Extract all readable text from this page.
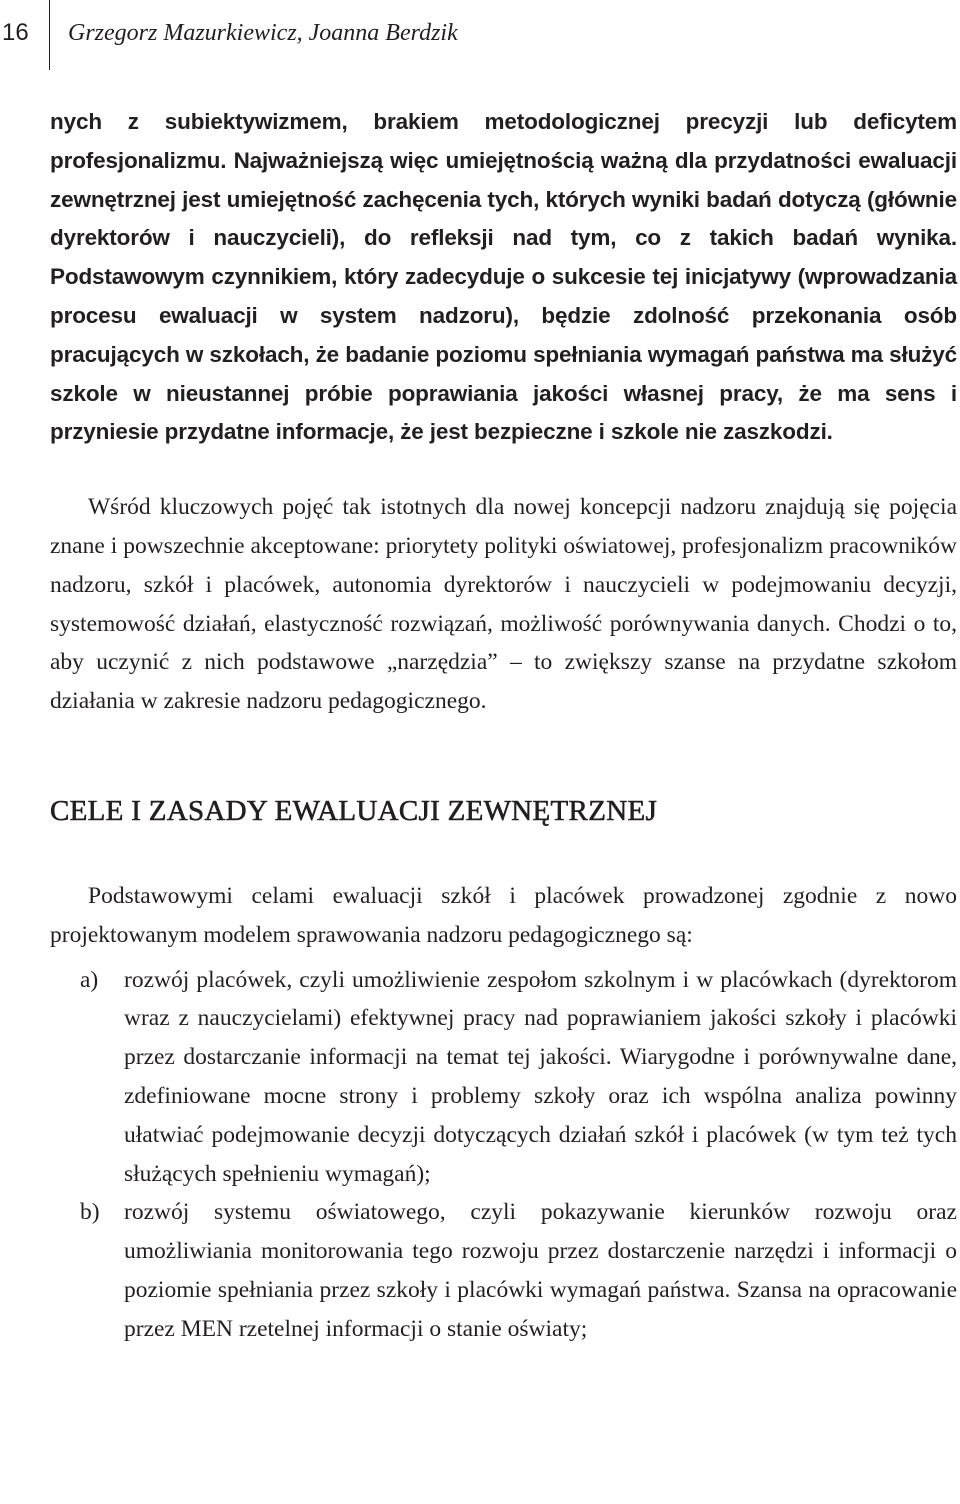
16 Grzegorz Mazurkiewicz, Joanna Berdzik

nych z subiektywizmem, brakiem metodologicznej precyzji lub deficytem profesjonalizmu. Najważniejszą więc umiejętnością ważną dla przydatności ewaluacji zewnętrznej jest umiejętność zachęcenia tych, których wyniki badań dotyczą (głównie dyrektorów i nauczycieli), do refleksji nad tym, co z takich badań wynika. Podstawowym czynnikiem, który zadecyduje o sukcesie tej inicjatywy (wprowadzania procesu ewaluacji w system nadzoru), będzie zdolność przekonania osób pracujących w szkołach, że badanie poziomu spełniania wymagań państwa ma służyć szkole w nieustannej próbie poprawiania jakości własnej pracy, że ma sens i przyniesie przydatne informacje, że jest bezpieczne i szkole nie zaszkodzi.

Wśród kluczowych pojęć tak istotnych dla nowej koncepcji nadzoru znajdują się pojęcia znane i powszechnie akceptowane: priorytety polityki oświatowej, profesjonalizm pracowników nadzoru, szkół i placówek, autonomia dyrektorów i nauczycieli w podejmowaniu decyzji, systemowość działań, elastyczność rozwiązań, możliwość porównywania danych. Chodzi o to, aby uczynić z nich podstawowe „narzędzia” – to zwiększy szanse na przydatne szkołom działania w zakresie nadzoru pedagogicznego.

CELE I ZASADY EWALUACJI ZEWNĘTRZNEJ

Podstawowymi celami ewaluacji szkół i placówek prowadzonej zgodnie z nowo projektowanym modelem sprawowania nadzoru pedagogicznego są:

a) rozwój placówek, czyli umożliwienie zespołom szkolnym i w placówkach (dyrektorom wraz z nauczycielami) efektywnej pracy nad poprawianiem jakości szkoły i placówki przez dostarczanie informacji na temat tej jakości. Wiarygodne i porównywalne dane, zdefiniowane mocne strony i problemy szkoły oraz ich wspólna analiza powinny ułatwiać podejmowanie decyzji dotyczących działań szkół i placówek (w tym też tych służących spełnieniu wymagań);

b) rozwój systemu oświatowego, czyli pokazywanie kierunków rozwoju oraz umożliwiania monitorowania tego rozwoju przez dostarczenie narzędzi i informacji o poziomie spełniania przez szkoły i placówki wymagań państwa. Szansa na opracowanie przez MEN rzetelnej informacji o stanie oświaty;
